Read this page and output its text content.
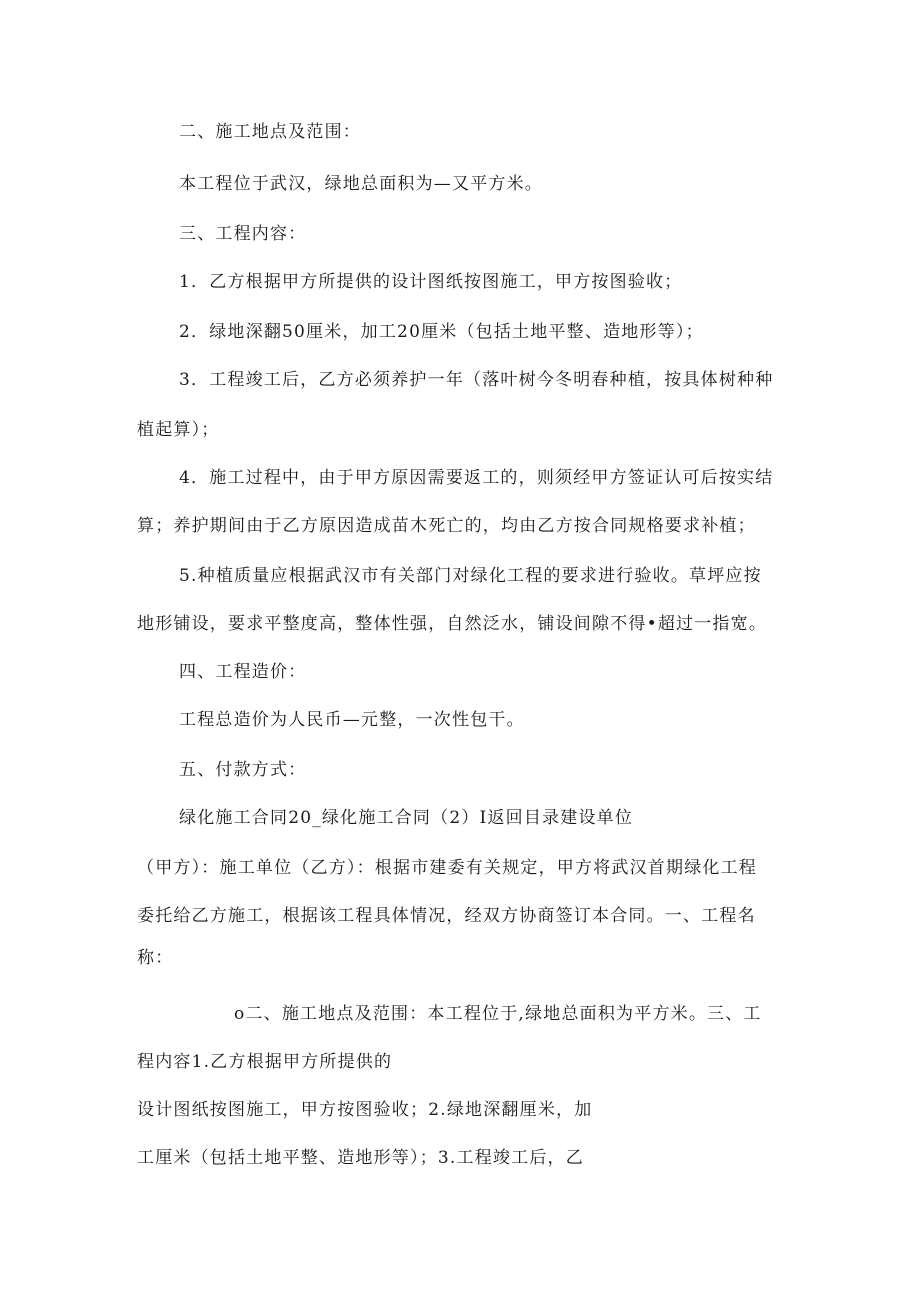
二、施工地点及范围：
本工程位于武汉，绿地总面积为—又平方米。
三、工程内容：
1．乙方根据甲方所提供的设计图纸按图施工，甲方按图验收；
2．绿地深翻50厘米，加工20厘米（包括土地平整、造地形等）；
3．工程竣工后，乙方必须养护一年（落叶树今冬明春种植，按具体树种种
植起算）；
4．施工过程中，由于甲方原因需要返工的，则须经甲方签证认可后按实结
算；养护期间由于乙方原因造成苗木死亡的，均由乙方按合同规格要求补植；
5.种植质量应根据武汉市有关部门对绿化工程的要求进行验收。草坪应按
地形铺设，要求平整度高，整体性强，自然泛水，铺设间隙不得•超过一指宽。
四、工程造价：
工程总造价为人民币—元整，一次性包干。
五、付款方式：
绿化施工合同20_绿化施工合同（2）I返回目录建设单位
（甲方）：施工单位（乙方）：根据市建委有关规定，甲方将武汉首期绿化工程
委托给乙方施工，根据该工程具体情况，经双方协商签订本合同。一、工程名
称：
o二、施工地点及范围：本工程位于,绿地总面积为平方米。三、工
程内容1.乙方根据甲方所提供的
设计图纸按图施工，甲方按图验收；2.绿地深翻厘米，加
工厘米（包括土地平整、造地形等）；3.工程竣工后，乙
